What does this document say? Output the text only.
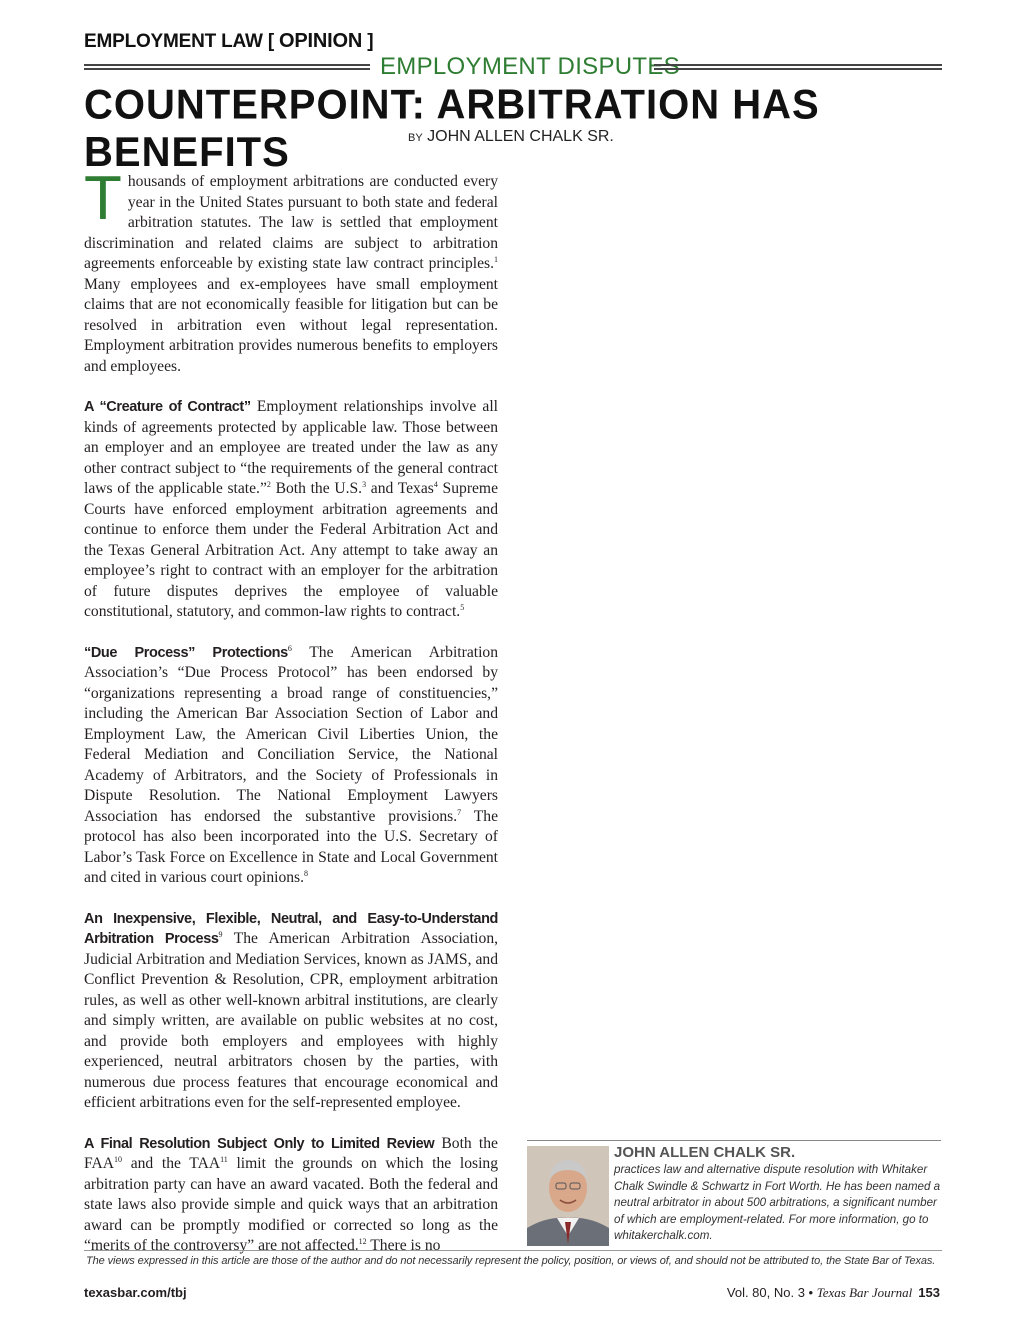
EMPLOYMENT LAW [ OPINION ]
EMPLOYMENT DISPUTES
COUNTERPOINT: ARBITRATION HAS BENEFITS	BY JOHN ALLEN CHALK SR.

Thousands of employment arbitrations are conducted every year in the United States pursuant to both state and federal arbitration statutes. The law is settled that employment discrimination and related claims are subject to arbitration agreements enforceable by existing state law contract principles.$^1$ Many employees and ex-employees have small employment claims that are not economically feasible for litigation but can be resolved in arbitration even without legal representation. Employment arbitration provides numerous benefits to employers and employees.

A “Creature of Contract” Employment relationships involve all kinds of agreements protected by applicable law. Those between an employer and an employee are treated under the law as any other contract subject to “the requirements of the general contract laws of the applicable state.”$^2$ Both the U.S.$^3$ and Texas$^4$ Supreme Courts have enforced employment arbitration agreements and continue to enforce them under the Federal Arbitration Act and the Texas General Arbitration Act. Any attempt to take away an employee’s right to contract with an employer for the arbitration of future disputes deprives the employee of valuable constitutional, statutory, and common-law rights to contract.$^5$

“Due Process” Protections$^6$ The American Arbitration Association’s “Due Process Protocol” has been endorsed by “organizations representing a broad range of constituencies,” including the American Bar Association Section of Labor and Employment Law, the American Civil Liberties Union, the Federal Mediation and Conciliation Service, the National Academy of Arbitrators, and the Society of Professionals in Dispute Resolution. The National Employment Lawyers Association has endorsed the substantive provisions.$^7$ The protocol has also been incorporated into the U.S. Secretary of Labor’s Task Force on Excellence in State and Local Government and cited in various court opinions.$^8$

An Inexpensive, Flexible, Neutral, and Easy-to-Understand Arbitration Process$^9$ The American Arbitration Association, Judicial Arbitration and Mediation Services, known as JAMS, and Conflict Prevention & Resolution, CPR, employment arbitration rules, as well as other well-known arbitral institutions, are clearly and simply written, are available on public websites at no cost, and provide both employers and employees with highly experienced, neutral arbitrators chosen by the parties, with numerous due process features that encourage economical and efficient arbitrations even for the self-represented employee.

A Final Resolution Subject Only to Limited Review Both the FAA$^{10}$ and the TAA$^{11}$ limit the grounds on which the losing arbitration party can have an award vacated. Both the federal and state laws also provide simple and quick ways that an arbitration award can be promptly modified or corrected so long as the “merits of the controversy” are not affected.$^{12}$ There is no

JOHN ALLEN CHALK SR.
practices law and alternative dispute resolution with Whitaker Chalk Swindle & Schwartz in Fort Worth. He has been named a neutral arbitrator in about 500 arbitrations, a significant number of which are employment-related. For more information, go to whitakerchalk.com.
The views expressed in this article are those of the author and do not necessarily represent the policy, position, or views of, and should not be attributed to, the State Bar of Texas.
texasbar.com/tbj	Vol. 80, No. 3 • Texas Bar Journal 153
